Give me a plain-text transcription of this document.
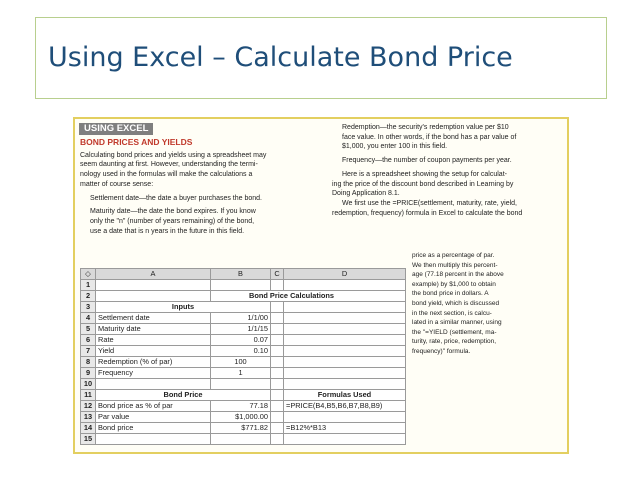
Using Excel – Calculate Bond Price
USING EXCEL

BOND PRICES AND YIELDS

Calculating bond prices and yields using a spreadsheet may

seem daunting at first. However, understanding the termi-

nology used in the formulas will make the calculations a

matter of course sense:

Settlement date—the date a buyer purchases the bond.

Maturity date—the date the bond expires. If you know

only the "n" (number of years remaining) of the bond,

use a date that is n years in the future in this field.

Redemption—the security's redemption value per $10

face value. In other words, if the bond has a par value of

$1,000, you enter 100 in this field.

Frequency—the number of coupon payments per year.

Here is a spreadsheet showing the setup for calculat-

ing the price of the discount bond described in Learning by

Doing Application 8.1.

We first use the =PRICE(settlement, maturity, rate, yield,

redemption, frequency) formula in Excel to calculate the bond

price as a percentage of par.

We then multiply this percent-

age (77.18 percent in the above

example) by $1,000 to obtain

the bond price in dollars. A

bond yield, which is discussed

in the next section, is calcu-

lated in a similar manner, using

the "=YIELD (settlement, ma-

turity, rate, price, redemption,

frequency)" formula.

◇	A	B	C	D
1				
2		Bond Price Calculations		
3	Inputs			
4	Settlement date	1/1/00		
5	Maturity date	1/1/15		
6	Rate	0.07		
7	Yield	0.10		
8	Redemption (% of par)	100		
9	Frequency	1		
10				
11	Bond Price			Formulas Used
12	Bond price as % of par	77.18		=PRICE(B4,B5,B6,B7,B8,B9)
13	Par value	$1,000.00		
14	Bond price	$771.82		=B12%*B13
15				
